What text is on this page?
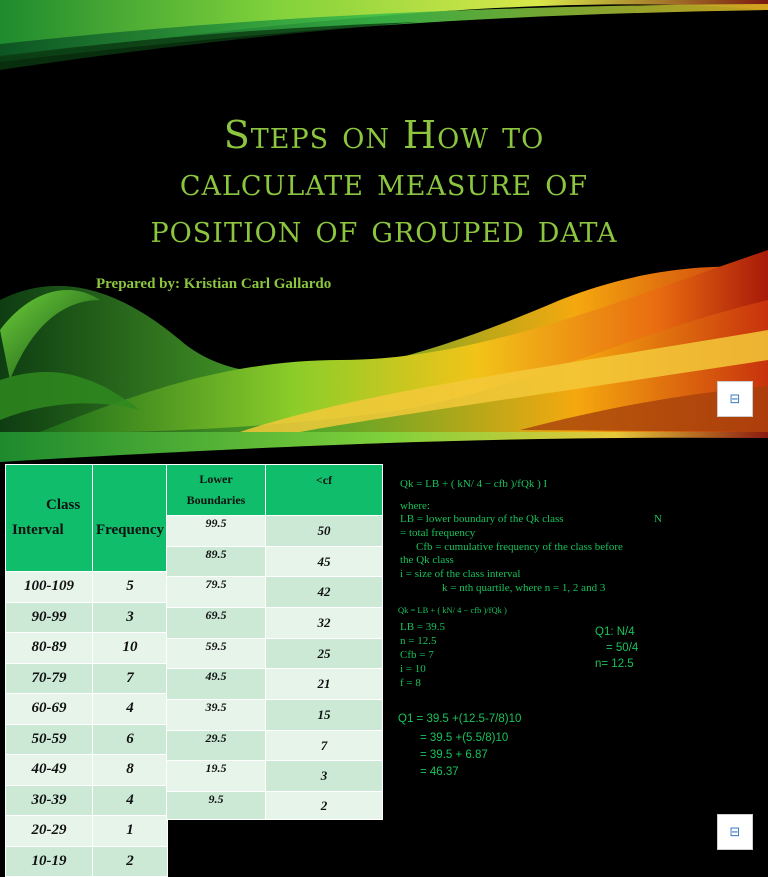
Steps on How to
calculate measure of
position of grouped data
Prepared by: Kristian Carl Gallardo
⊟
⊟
Class
Interval	Frequency
100-109	5
90-99	3
80-89	10
70-79	7
60-69	4
50-59	6
40-49	8
30-39	4
20-29	1
10-19	2
Lower
Boundaries	<cf
99.5	50
89.5	45
79.5	42
69.5	32
59.5	25
49.5	21
39.5	15
29.5	7
19.5	3
9.5	2
Qk = LB + ( kN/ 4 − cfb )/fQk ) I
where:
LB = lower boundary of the Qk class	N
= total frequency
Cfb = cumulative frequency of the class before
the Qk class
i = size of the class interval
k = nth quartile, where n = 1, 2 and 3
Qk = LB + ( kN/ 4 − cfb )/fQk )
LB = 39.5
n = 12.5
Cfb = 7
i = 10
f = 8
Q1: N/4
= 50/4
n= 12.5
Q1 = 39.5 +(12.5-7/8)10
= 39.5 +(5.5/8)10
= 39.5 + 6.87
= 46.37
